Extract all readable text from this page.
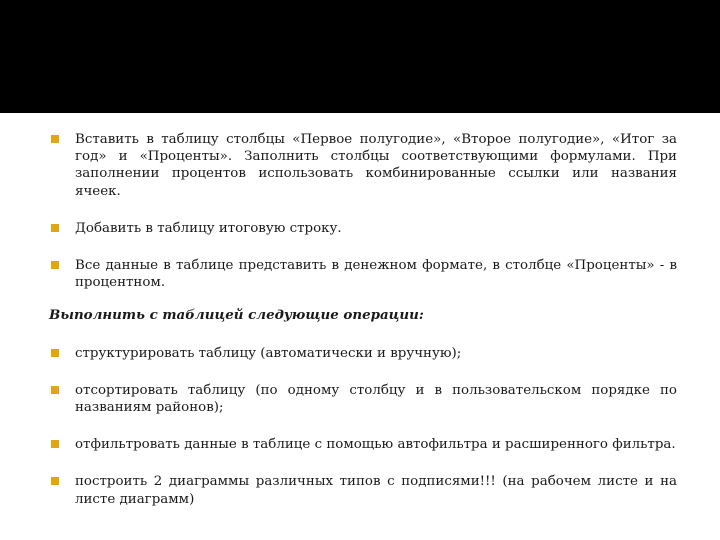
Вставить в таблицу столбцы «Первое полугодие», «Второе полугодие», «Итог за год» и «Проценты». Заполнить столбцы соответствующими формулами. При заполнении процентов использовать комбинированные ссылки или названия ячеек.
Добавить в таблицу итоговую строку.
Все данные в таблице представить в денежном формате, в столбце «Проценты» - в процентном.
Выполнить с таблицей следующие операции:
структурировать таблицу (автоматически и вручную);
отсортировать таблицу (по одному столбцу и в пользовательском порядке по названиям районов);
отфильтровать данные в таблице с помощью автофильтра и расширенного фильтра.
построить 2 диаграммы различных типов с подписями!!! (на рабочем листе и на листе диаграмм)
